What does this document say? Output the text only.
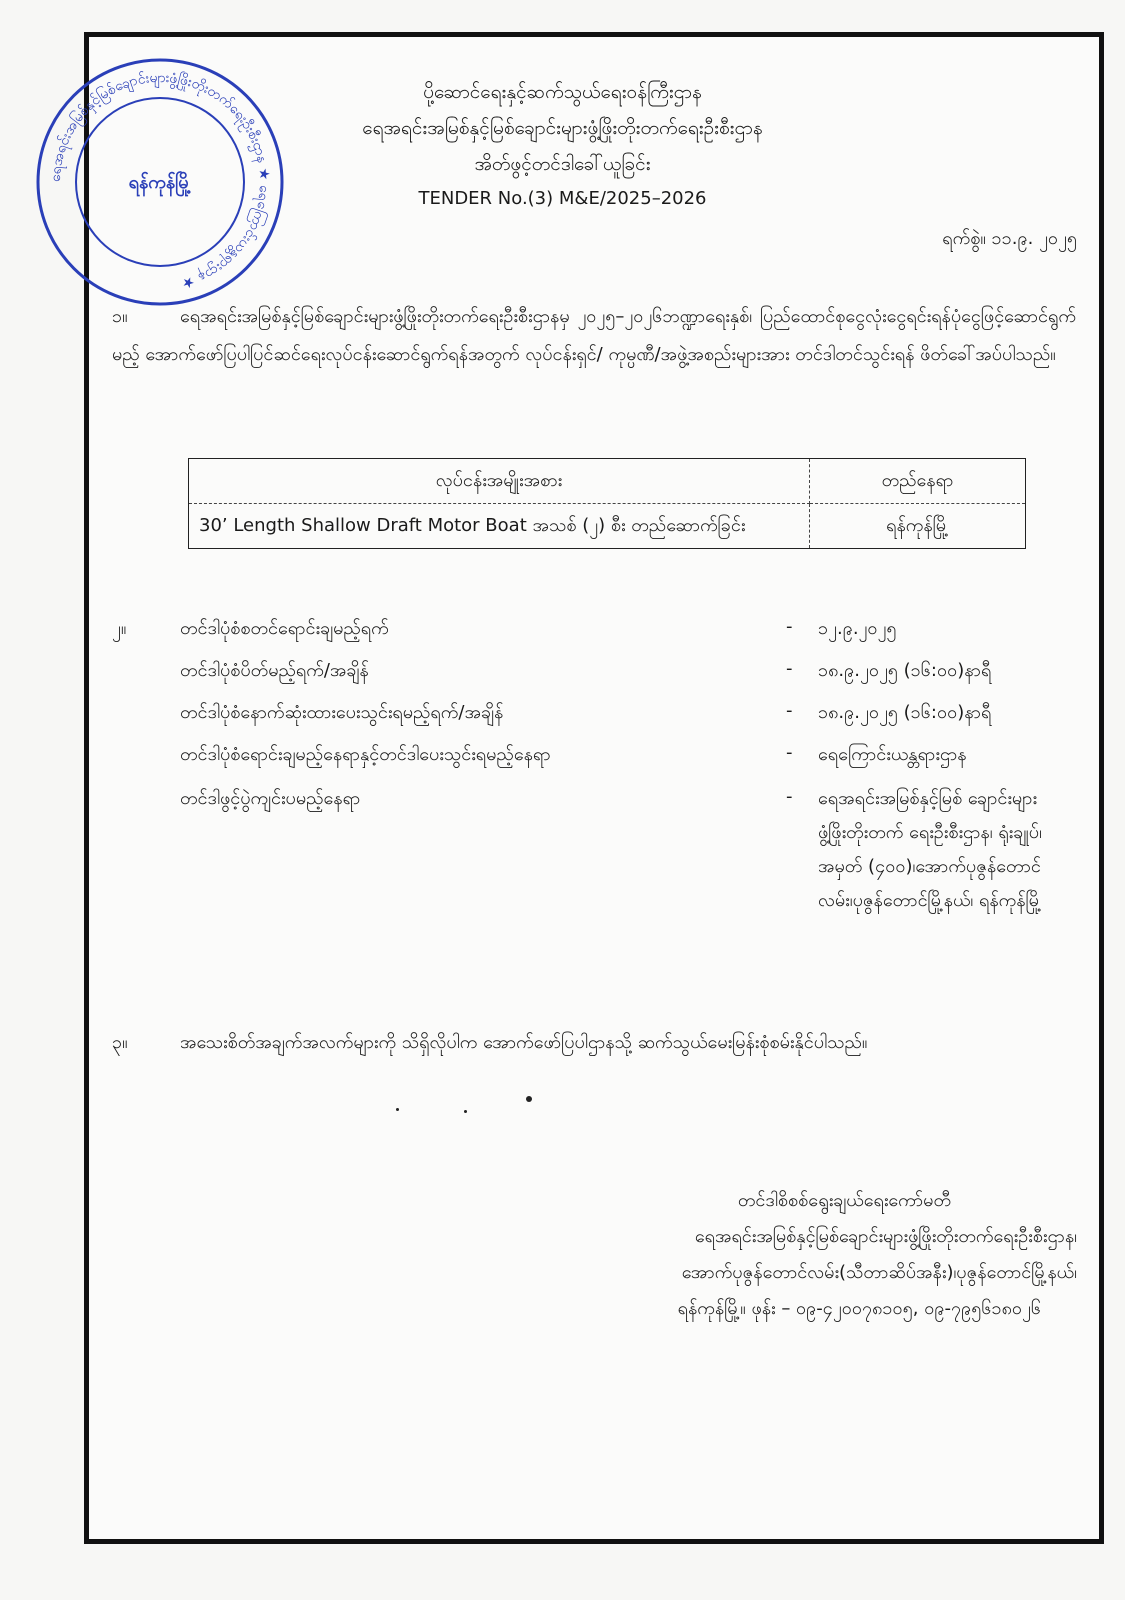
ရေအရင်းအမြစ်နှင့်မြစ်ချောင်းများဖွံ့ဖြိုးတိုးတက်ရေးဦးစီးဌာန ★ ရေကြောင်းယန္တရားဌာန ★
ရန်ကုန်မြို့
ပို့ဆောင်ရေးနှင့်ဆက်သွယ်ရေးဝန်ကြီးဌာန
ရေအရင်းအမြစ်နှင့်မြစ်ချောင်းများဖွံ့ဖြိုးတိုးတက်ရေးဦးစီးဌာန
အိတ်ဖွင့်တင်ဒါခေါ်ယူခြင်း
TENDER No.(3) M&E/2025–2026
ရက်စွဲ။ ၁၁.၉. ၂၀၂၅
၁။	ရေအရင်းအမြစ်နှင့်မြစ်ချောင်းများဖွံ့ဖြိုးတိုးတက်ရေးဦးစီးဌာနမှ ၂၀၂၅–၂၀၂၆ဘဏ္ဍာရေးနှစ်၊ ပြည်ထောင်စုငွေလုံးငွေရင်းရန်ပုံငွေဖြင့်ဆောင်ရွက်မည့် အောက်ဖော်ပြပါပြင်ဆင်ရေးလုပ်ငန်းဆောင်ရွက်ရန်အတွက် လုပ်ငန်းရှင်/ ကုမ္ပဏီ/အဖွဲ့အစည်းများအား တင်ဒါတင်သွင်းရန် ဖိတ်ခေါ်အပ်ပါသည်။
လုပ်ငန်းအမျိုးအစား	တည်နေရာ
30’ Length Shallow Draft Motor Boat အသစ် (၂) စီး တည်ဆောက်ခြင်း	ရန်ကုန်မြို့
၂။	တင်ဒါပုံစံစတင်ရောင်းချမည့်ရက်	- ၁၂.၉.၂၀၂၅
တင်ဒါပုံစံပိတ်မည့်ရက်/အချိန်	- ၁၈.၉.၂၀၂၅ (၁၆:၀၀)နာရီ
တင်ဒါပုံစံနောက်ဆုံးထားပေးသွင်းရမည့်ရက်/အချိန်	- ၁၈.၉.၂၀၂၅ (၁၆:၀၀)နာရီ
တင်ဒါပုံစံရောင်းချမည့်နေရာနှင့်တင်ဒါပေးသွင်းရမည့်နေရာ	- ရေကြောင်းယန္တရားဌာန
တင်ဒါဖွင့်ပွဲကျင်းပမည့်နေရာ	- ရေအရင်းအမြစ်နှင့်မြစ် ချောင်းများဖွံ့ဖြိုးတိုးတက် ရေးဦးစီးဌာန၊ ရုံးချုပ်၊ အမှတ် (၄၀၀)၊အောက်ပုဇွန်တောင် လမ်း၊ပုဇွန်တောင်မြို့နယ်၊ ရန်ကုန်မြို့
၃။	အသေးစိတ်အချက်အလက်များကို သိရှိလိုပါက အောက်ဖော်ပြပါဌာနသို့ ဆက်သွယ်မေးမြန်းစုံစမ်းနိုင်ပါသည်။
တင်ဒါစိစစ်ရွေးချယ်ရေးကော်မတီ
ရေအရင်းအမြစ်နှင့်မြစ်ချောင်းများဖွံ့ဖြိုးတိုးတက်ရေးဦးစီးဌာန၊
အောက်ပုဇွန်တောင်လမ်း(သီတာဆိပ်အနီး)၊ပုဇွန်တောင်မြို့နယ်၊
ရန်ကုန်မြို့။ ဖုန်း – ၀၉-၄၂၀၀၇၈၁၀၅, ၀၉-၇၉၅၆၁၈၀၂၆
